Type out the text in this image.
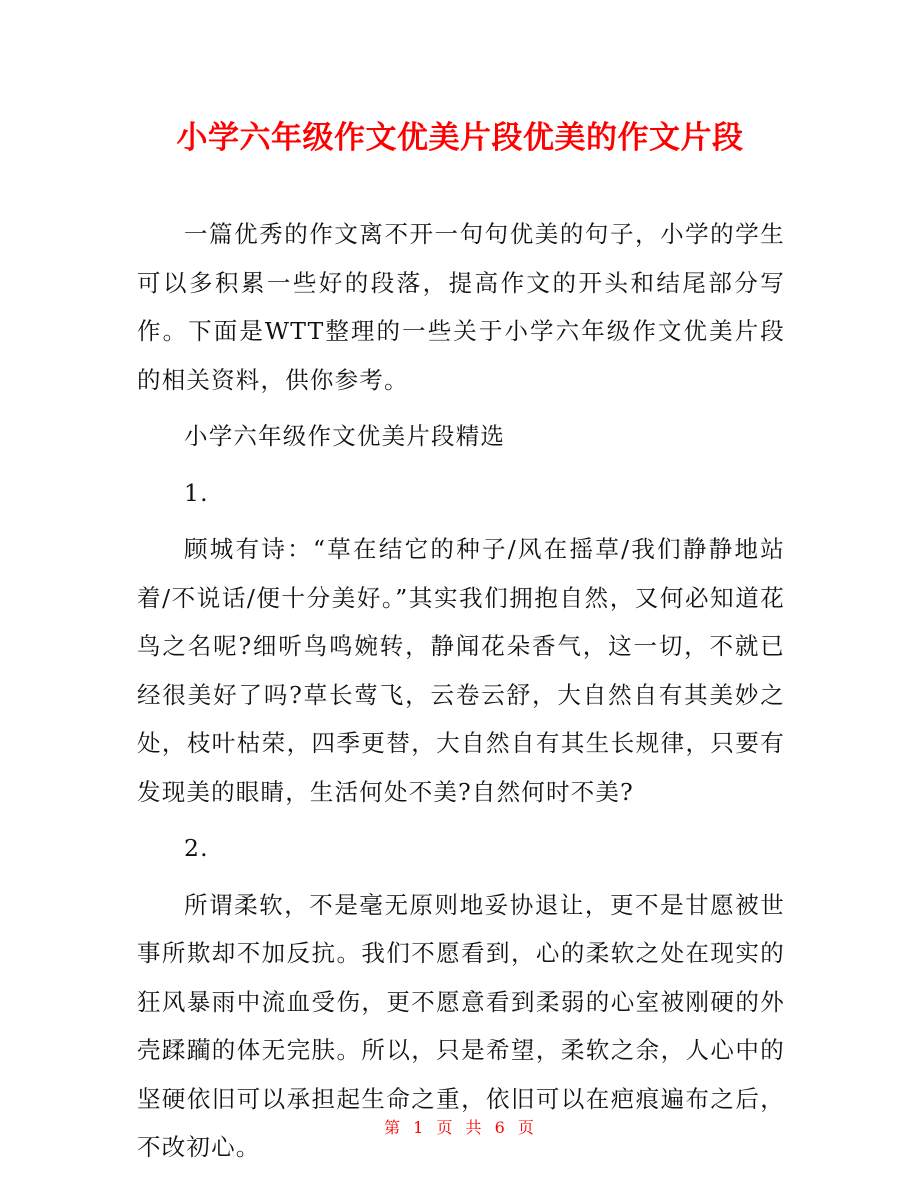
小学六年级作文优美片段优美的作文片段

一篇优秀的作文离不开一句句优美的句子，小学的学生可以多积累一些好的段落，提高作文的开头和结尾部分写作。下面是WTT整理的一些关于小学六年级作文优美片段的相关资料，供你参考。

小学六年级作文优美片段精选

1.

顾城有诗：“草在结它的种子/风在摇草/我们静静地站着/不说话/便十分美好。”其实我们拥抱自然，又何必知道花鸟之名呢?细听鸟鸣婉转，静闻花朵香气，这一切，不就已经很美好了吗?草长莺飞，云卷云舒，大自然自有其美妙之处，枝叶枯荣，四季更替，大自然自有其生长规律，只要有发现美的眼睛，生活何处不美?自然何时不美?

2.

所谓柔软，不是毫无原则地妥协退让，更不是甘愿被世事所欺却不加反抗。我们不愿看到，心的柔软之处在现实的狂风暴雨中流血受伤，更不愿意看到柔弱的心室被刚硬的外壳蹂躏的体无完肤。所以，只是希望，柔软之余，人心中的坚硬依旧可以承担起生命之重，依旧可以在疤痕遍布之后，不改初心。

第 1 页 共 6 页
